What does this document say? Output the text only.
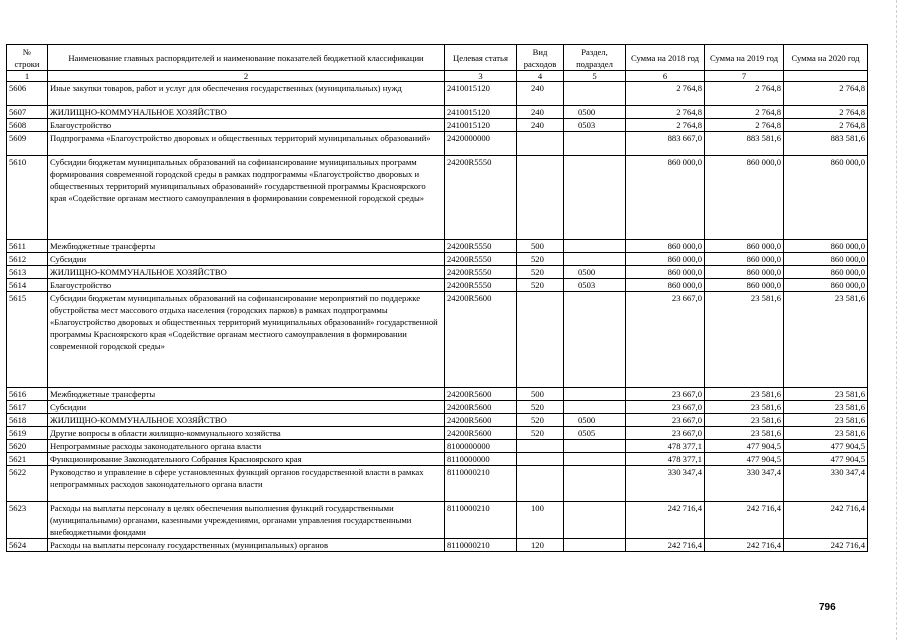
№
строки	Наименование главных распорядителей и наименование показателей бюджетной классификации	Целевая статья	Вид расходов	Раздел, подраздел	Сумма на 2018 год	Сумма на 2019 год	Сумма на 2020 год
1	2	3	4	5	6	7	
5606	Иные закупки товаров, работ и услуг для обеспечения государственных (муниципальных) нужд	2410015120	240		2 764,8	2 764,8	2 764,8
5607	ЖИЛИЩНО-КОММУНАЛЬНОЕ ХОЗЯЙСТВО	2410015120	240	0500	2 764,8	2 764,8	2 764,8
5608	Благоустройство	2410015120	240	0503	2 764,8	2 764,8	2 764,8
5609	Подпрограмма «Благоустройство дворовых и общественных территорий муниципальных образований»	2420000000			883 667,0	883 581,6	883 581,6
5610	Субсидии бюджетам муниципальных образований на софинансирование муниципальных программ формирования современной городской среды в рамках подпрограммы «Благоустройство дворовых и общественных территорий муниципальных образований» государственной программы Красноярского края «Содействие органам местного самоуправления в формировании современной городской среды»	24200R5550			860 000,0	860 000,0	860 000,0
5611	Межбюджетные трансферты	24200R5550	500		860 000,0	860 000,0	860 000,0
5612	Субсидии	24200R5550	520		860 000,0	860 000,0	860 000,0
5613	ЖИЛИЩНО-КОММУНАЛЬНОЕ ХОЗЯЙСТВО	24200R5550	520	0500	860 000,0	860 000,0	860 000,0
5614	Благоустройство	24200R5550	520	0503	860 000,0	860 000,0	860 000,0
5615	Субсидии бюджетам муниципальных образований на софинансирование мероприятий по поддержке обустройства мест массового отдыха населения (городских парков) в рамках подпрограммы «Благоустройство дворовых и общественных территорий муниципальных образований» государственной программы Красноярского края «Содействие органам местного самоуправления в формировании современной городской среды»	24200R5600			23 667,0	23 581,6	23 581,6
5616	Межбюджетные трансферты	24200R5600	500		23 667,0	23 581,6	23 581,6
5617	Субсидии	24200R5600	520		23 667,0	23 581,6	23 581,6
5618	ЖИЛИЩНО-КОММУНАЛЬНОЕ ХОЗЯЙСТВО	24200R5600	520	0500	23 667,0	23 581,6	23 581,6
5619	Другие вопросы в области жилищно-коммунального хозяйства	24200R5600	520	0505	23 667,0	23 581,6	23 581,6
5620	Непрограммные расходы законодательного органа власти	8100000000			478 377,1	477 904,5	477 904,5
5621	Функционирование Законодательного Собрания Красноярского края	8110000000			478 377,1	477 904,5	477 904,5
5622	Руководство и управление в сфере установленных функций органов государственной власти в рамках непрограммных расходов законодательного органа власти	8110000210			330 347,4	330 347,4	330 347,4
5623	Расходы на выплаты персоналу в целях обеспечения выполнения функций государственными (муниципальными) органами, казенными учреждениями, органами управления государственными внебюджетными фондами	8110000210	100		242 716,4	242 716,4	242 716,4
5624	Расходы на выплаты персоналу государственных (муниципальных) органов	8110000210	120		242 716,4	242 716,4	242 716,4
796
